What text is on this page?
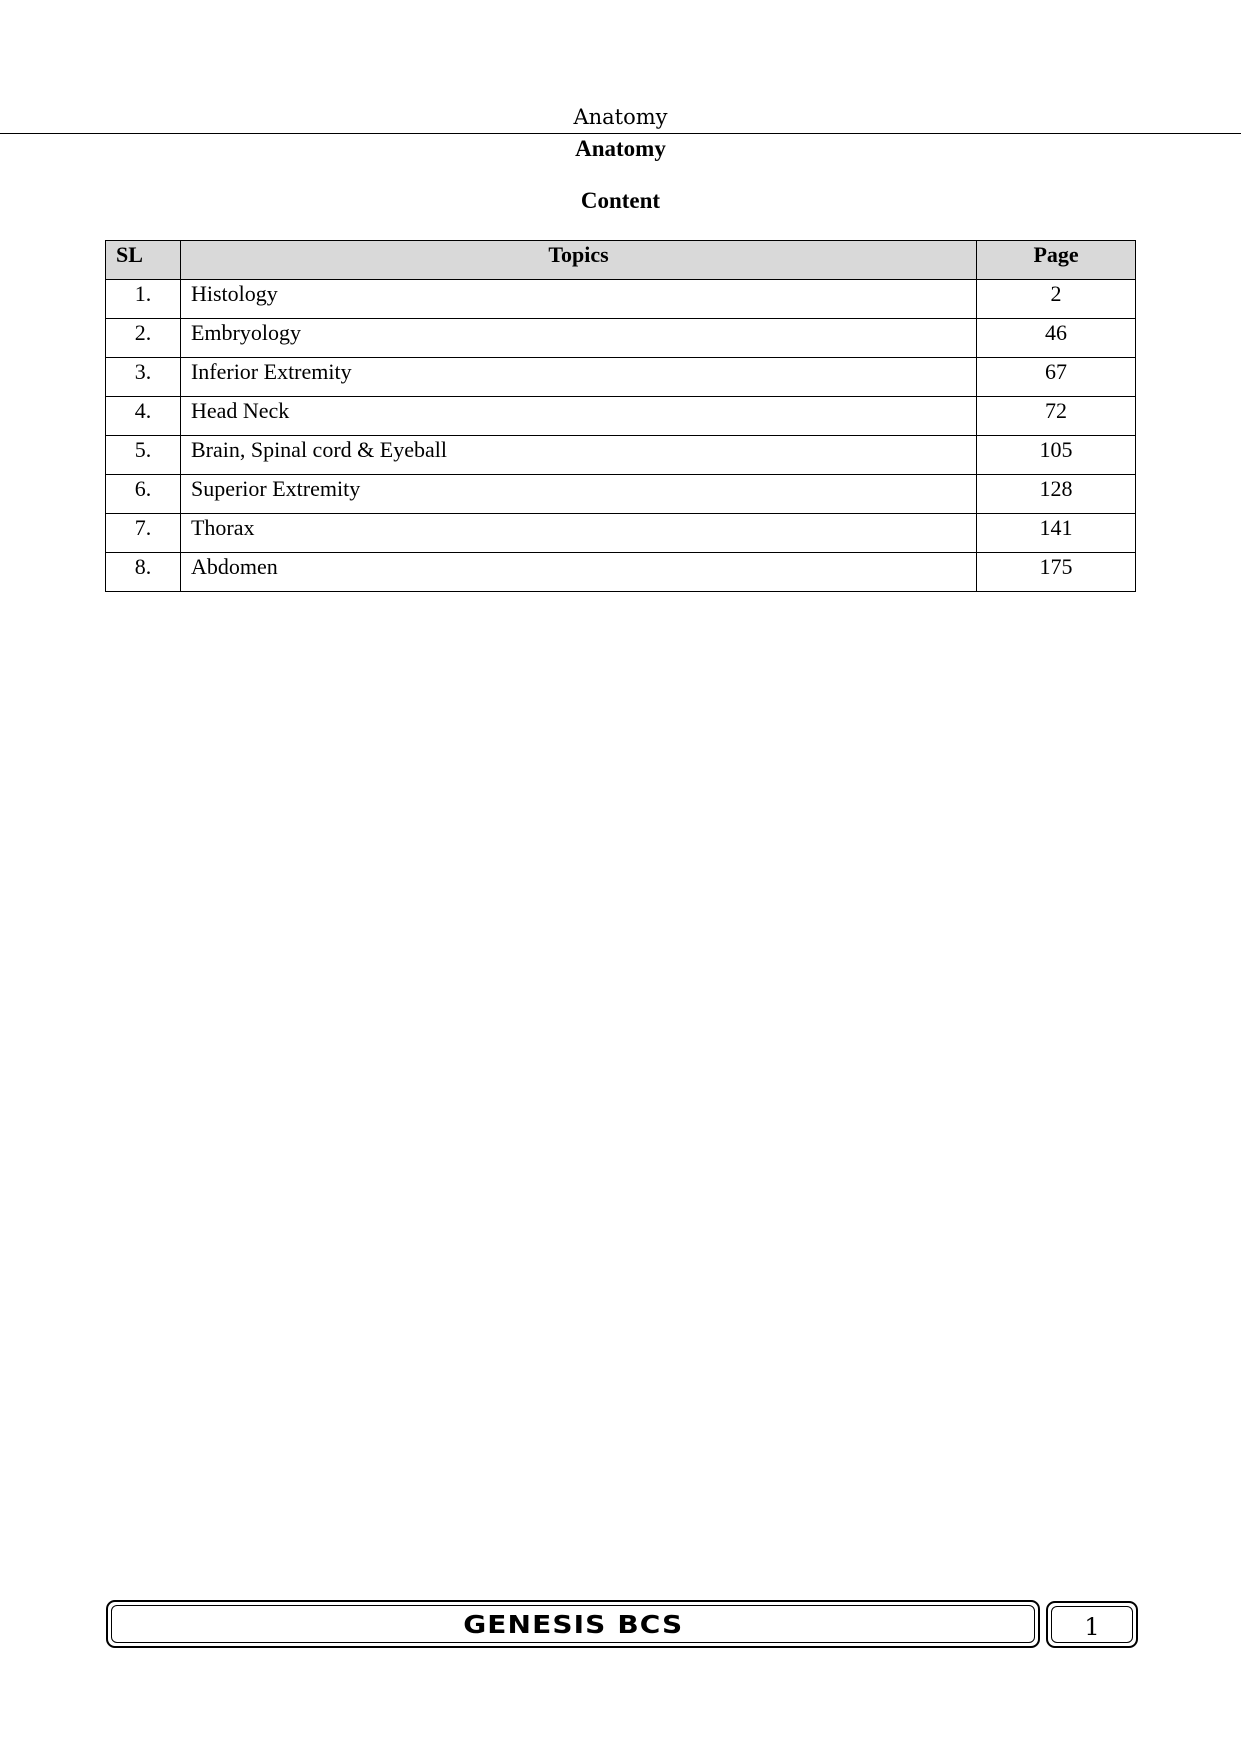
Anatomy
Anatomy
Content
SL	Topics	Page
1.	Histology	2
2.	Embryology	46
3.	Inferior Extremity	67
4.	Head Neck	72
5.	Brain, Spinal cord & Eyeball	105
6.	Superior Extremity	128
7.	Thorax	141
8.	Abdomen	175
GENESIS BCS	1
